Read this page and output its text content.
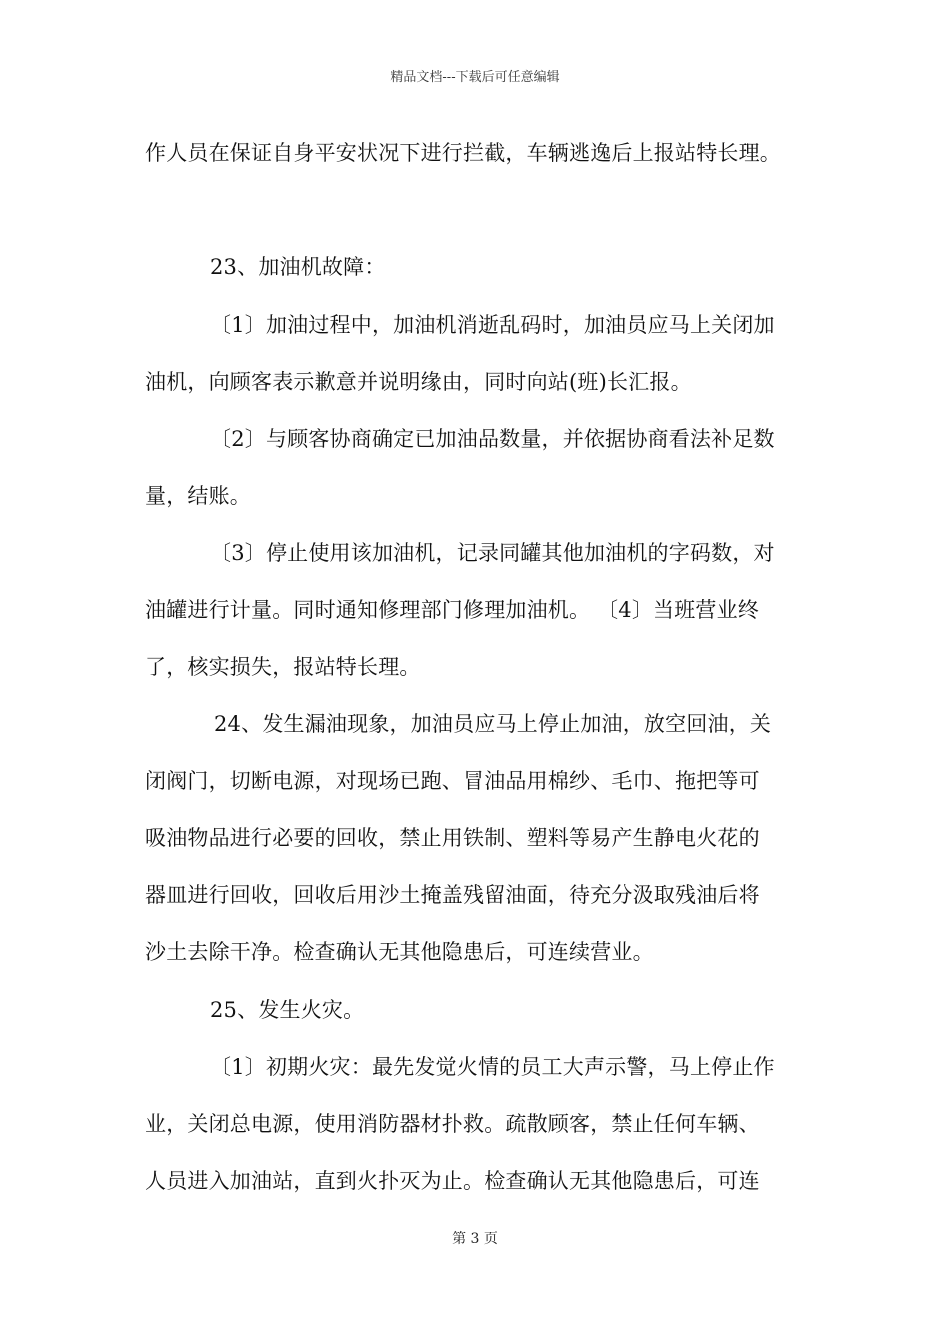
精品文档---下载后可任意编辑
作人员在保证自身平安状况下进行拦截，车辆逃逸后上报站特长理。
23、加油机故障：
〔1〕加油过程中，加油机消逝乱码时，加油员应马上关闭加
油机，向顾客表示歉意并说明缘由，同时向站(班)长汇报。
〔2〕与顾客协商确定已加油品数量，并依据协商看法补足数
量，结账。
〔3〕停止使用该加油机，记录同罐其他加油机的字码数，对
油罐进行计量。同时通知修理部门修理加油机。 〔4〕当班营业终
了，核实损失，报站特长理。
24、发生漏油现象，加油员应马上停止加油，放空回油，关
闭阀门，切断电源，对现场已跑、冒油品用棉纱、毛巾、拖把等可
吸油物品进行必要的回收，禁止用铁制、塑料等易产生静电火花的
器皿进行回收，回收后用沙土掩盖残留油面，待充分汲取残油后将
沙土去除干净。检查确认无其他隐患后，可连续营业。
25、发生火灾。
〔1〕初期火灾：最先发觉火情的员工大声示警，马上停止作
业，关闭总电源，使用消防器材扑救。疏散顾客，禁止任何车辆、
人员进入加油站，直到火扑灭为止。检查确认无其他隐患后，可连
第 3 页
